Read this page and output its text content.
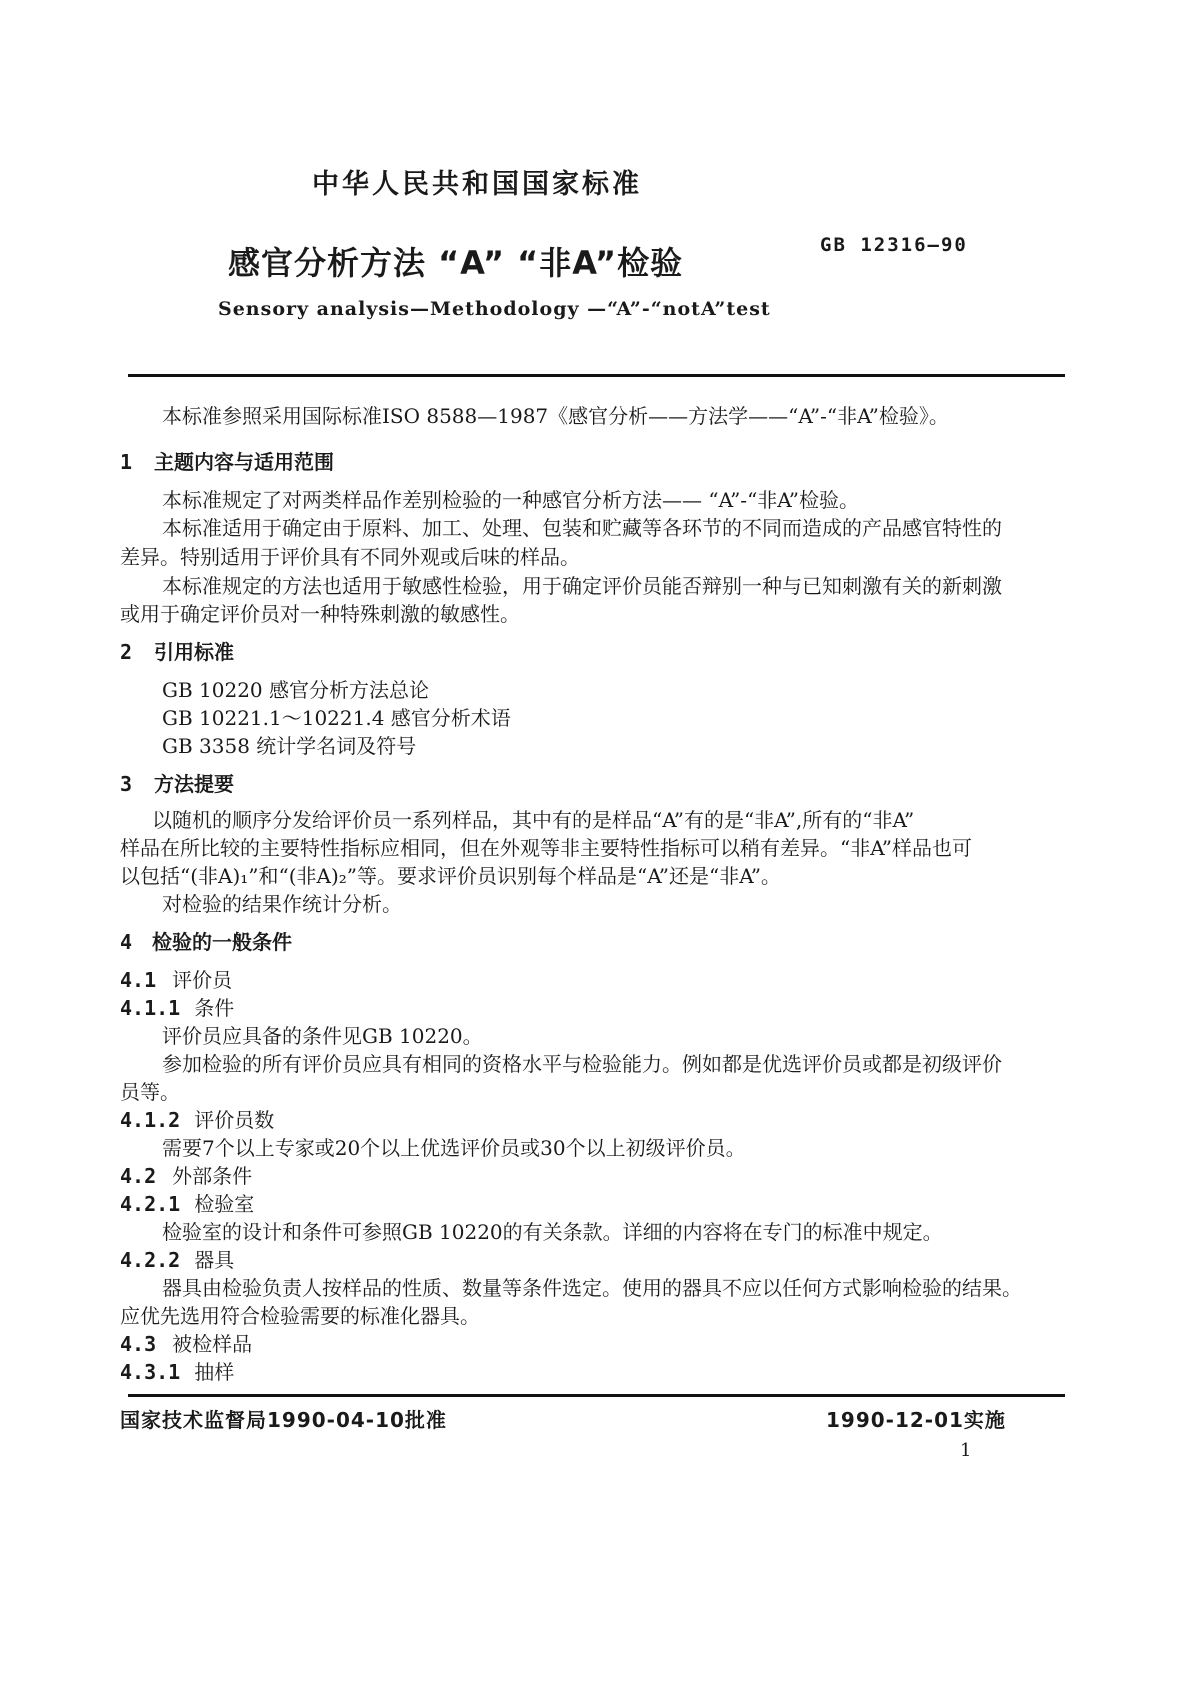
中华人民共和国国家标准
感官分析方法 “A” “非A”检验	GB 12316—90
Sensory analysis—Methodology —“A”-“notA”test
本标准参照采用国际标准ISO 8588—1987《感官分析——方法学——“A”-“非A”检验》。
1 主题内容与适用范围
本标准规定了对两类样品作差别检验的一种感官分析方法—— “A”-“非A”检验。
本标准适用于确定由于原料、加工、处理、包装和贮藏等各环节的不同而造成的产品感官特性的
差异。特别适用于评价具有不同外观或后味的样品。
本标准规定的方法也适用于敏感性检验，用于确定评价员能否辩别一种与已知刺激有关的新刺激
或用于确定评价员对一种特殊刺激的敏感性。
2 引用标准
GB 10220 感官分析方法总论
GB 10221.1～10221.4 感官分析术语
GB 3358 统计学名词及符号
3 方法提要
以随机的顺序分发给评价员一系列样品，其中有的是样品“A”有的是“非A”,所有的“非A”
样品在所比较的主要特性指标应相同，但在外观等非主要特性指标可以稍有差异。“非A”样品也可
以包括“(非A)₁”和“(非A)₂”等。要求评价员识别每个样品是“A”还是“非A”。
对检验的结果作统计分析。
4 检验的一般条件
4.1 评价员
4.1.1 条件
评价员应具备的条件见GB 10220。
参加检验的所有评价员应具有相同的资格水平与检验能力。例如都是优选评价员或都是初级评价
员等。
4.1.2 评价员数
需要7个以上专家或20个以上优选评价员或30个以上初级评价员。
4.2 外部条件
4.2.1 检验室
检验室的设计和条件可参照GB 10220的有关条款。详细的内容将在专门的标准中规定。
4.2.2 器具
器具由检验负责人按样品的性质、数量等条件选定。使用的器具不应以任何方式影响检验的结果。
应优先选用符合检验需要的标准化器具。
4.3 被检样品
4.3.1 抽样
国家技术监督局1990-04-10批准	1990-12-01实施
1
